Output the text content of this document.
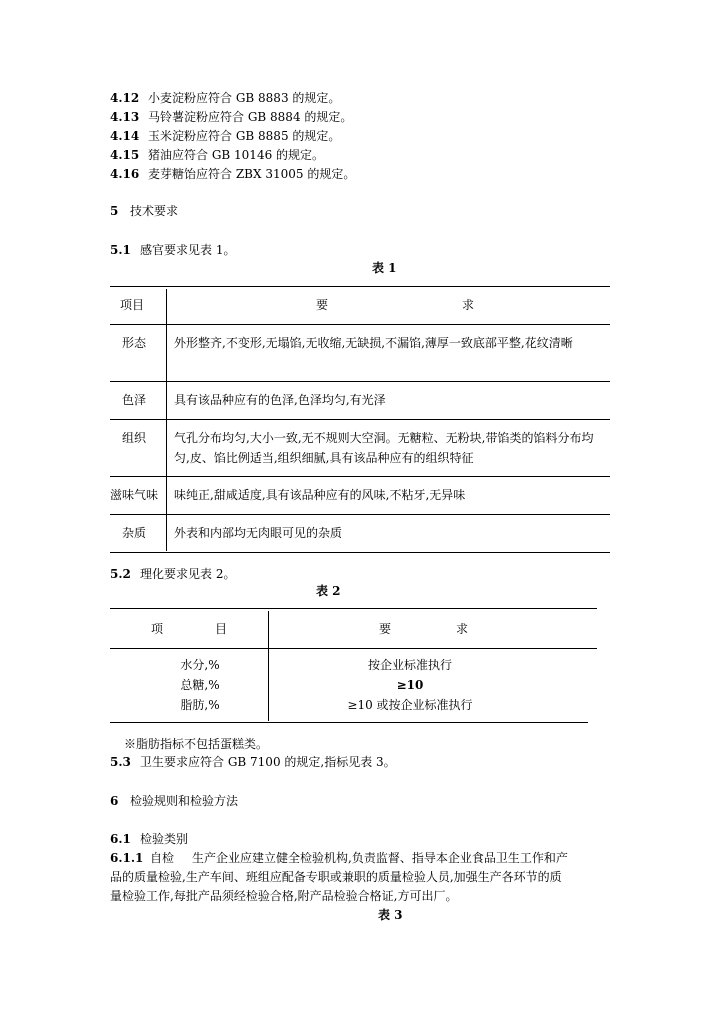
4.12 小麦淀粉应符合 GB 8883 的规定。
4.13 马铃薯淀粉应符合 GB 8884 的规定。
4.14 玉米淀粉应符合 GB 8885 的规定。
4.15 猪油应符合 GB 10146 的规定。
4.16 麦芽糖饴应符合 ZBX 31005 的规定。
5 技术要求
5.1 感官要求见表 1。
表 1
项目	要	求
形态 外形整齐,不变形,无塌馅,无收缩,无缺损,不漏馅,薄厚一致底部平整,花纹清晰
色泽 具有该品种应有的色泽,色泽均匀,有光泽
组织 气孔分布均匀,大小一致,无不规则大空洞。无糖粒、无粉块,带馅类的馅料分布均匀,皮、馅比例适当,组织细腻,具有该品种应有的组织特征
滋味气味 味纯正,甜咸适度,具有该品种应有的风味,不粘牙,无异味
杂质 外表和内部均无肉眼可见的杂质
5.2 理化要求见表 2。
表 2
项	目	要	求
水分,%	按企业标准执行
总糖,%	≥10
脂肪,%	≥10 或按企业标准执行
※脂肪指标不包括蛋糕类。
5.3 卫生要求应符合 GB 7100 的规定,指标见表 3。
6 检验规则和检验方法
6.1 检验类别
6.1.1 自检 生产企业应建立健全检验机构,负责监督、指导本企业食品卫生工作和产
品的质量检验,生产车间、班组应配备专职或兼职的质量检验人员,加强生产各环节的质
量检验工作,每批产品须经检验合格,附产品检验合格证,方可出厂。
表 3
